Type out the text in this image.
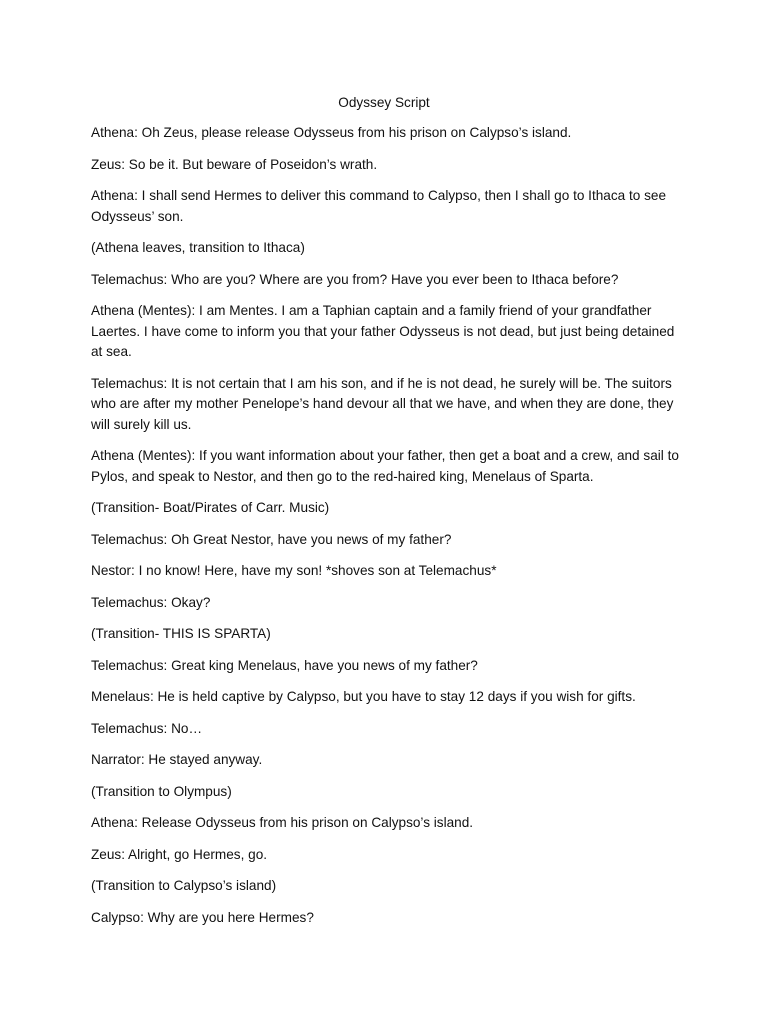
Odyssey Script

Athena: Oh Zeus, please release Odysseus from his prison on Calypso’s island.

Zeus: So be it. But beware of Poseidon’s wrath.

Athena: I shall send Hermes to deliver this command to Calypso, then I shall go to Ithaca to see Odysseus’ son.

(Athena leaves, transition to Ithaca)

Telemachus: Who are you? Where are you from? Have you ever been to Ithaca before?

Athena (Mentes): I am Mentes. I am a Taphian captain and a family friend of your grandfather Laertes. I have come to inform you that your father Odysseus is not dead, but just being detained at sea.

Telemachus: It is not certain that I am his son, and if he is not dead, he surely will be. The suitors who are after my mother Penelope’s hand devour all that we have, and when they are done, they will surely kill us.

Athena (Mentes): If you want information about your father, then get a boat and a crew, and sail to Pylos, and speak to Nestor, and then go to the red-haired king, Menelaus of Sparta.

(Transition- Boat/Pirates of Carr. Music)

Telemachus: Oh Great Nestor, have you news of my father?

Nestor: I no know! Here, have my son! *shoves son at Telemachus*

Telemachus: Okay?

(Transition- THIS IS SPARTA)

Telemachus: Great king Menelaus, have you news of my father?

Menelaus: He is held captive by Calypso, but you have to stay 12 days if you wish for gifts.

Telemachus: No…

Narrator: He stayed anyway.

(Transition to Olympus)

Athena: Release Odysseus from his prison on Calypso’s island.

Zeus: Alright, go Hermes, go.

(Transition to Calypso’s island)

Calypso: Why are you here Hermes?
